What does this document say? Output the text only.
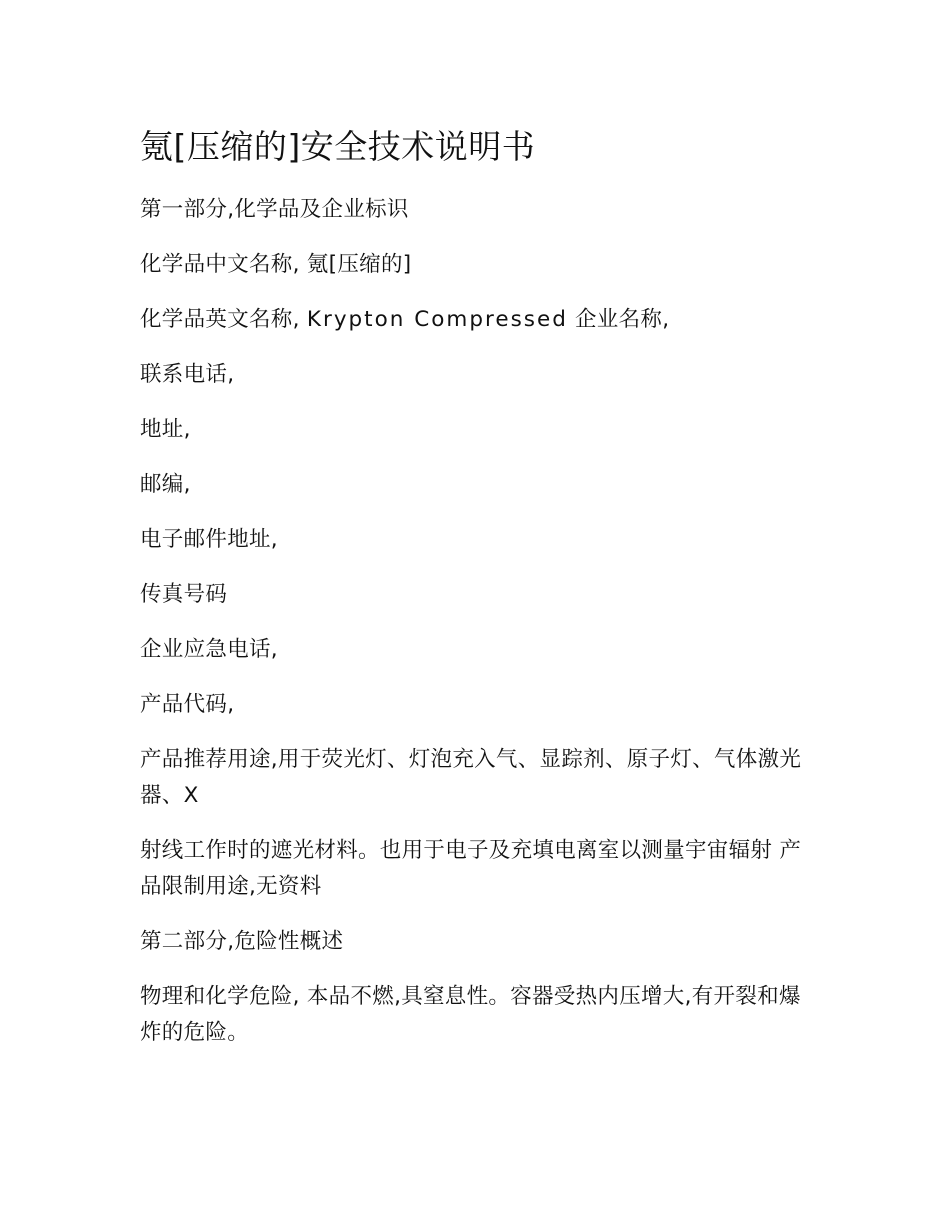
氪[压缩的]安全技术说明书

第一部分,化学品及企业标识

化学品中文名称, 氪[压缩的]

化学品英文名称, Krypton Compressed 企业名称,

联系电话,

地址,

邮编,

电子邮件地址,

传真号码

企业应急电话,

产品代码,

产品推荐用途,用于荧光灯、灯泡充入气、显踪剂、原子灯、气体激光器、X

射线工作时的遮光材料。也用于电子及充填电离室以测量宇宙辐射 产品限制用途,无资料

第二部分,危险性概述

物理和化学危险, 本品不燃,具窒息性。容器受热内压增大,有开裂和爆炸的危险。
